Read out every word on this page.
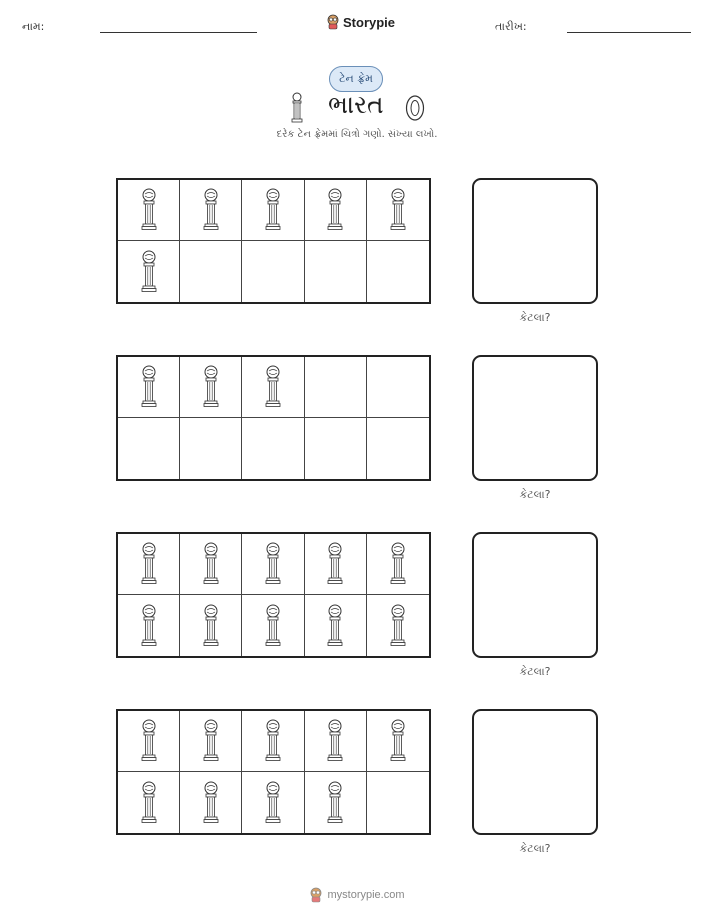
નામ:	Storypie	તારીખ:
ટેન ફ્રેમ
ભારત
દરેક ટેન ફ્રેમમાં ચિત્રો ગણો. સંખ્યા લખો.
કેટલા?
કેટલા?
કેટલા?
કેટલા?
mystorypie.com
